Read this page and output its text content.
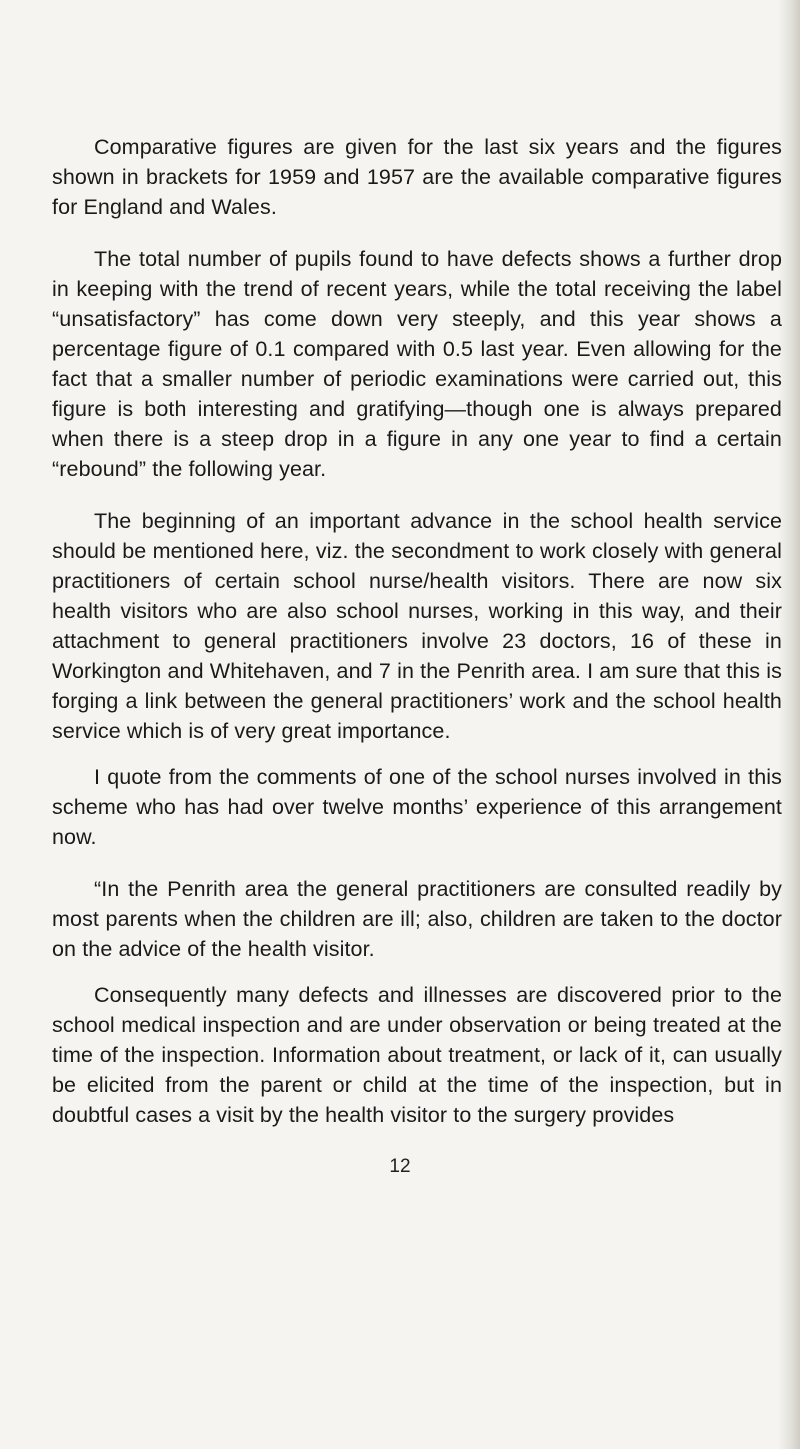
Comparative figures are given for the last six years and the figures shown in brackets for 1959 and 1957 are the available comparative figures for England and Wales.

The total number of pupils found to have defects shows a further drop in keeping with the trend of recent years, while the total receiving the label “unsatisfactory” has come down very steeply, and this year shows a percentage figure of 0.1 compared with 0.5 last year. Even allowing for the fact that a smaller number of periodic examinations were carried out, this figure is both interesting and gratifying—though one is always prepared when there is a steep drop in a figure in any one year to find a certain “rebound” the following year.

The beginning of an important advance in the school health service should be mentioned here, viz. the secondment to work closely with general practitioners of certain school nurse/health visitors. There are now six health visitors who are also school nurses, working in this way, and their attachment to general practitioners involve 23 doctors, 16 of these in Workington and Whitehaven, and 7 in the Penrith area. I am sure that this is forging a link between the general practitioners’ work and the school health service which is of very great importance.

I quote from the comments of one of the school nurses involved in this scheme who has had over twelve months’ experience of this arrangement now.

“In the Penrith area the general practitioners are consulted readily by most parents when the children are ill; also, children are taken to the doctor on the advice of the health visitor.

Consequently many defects and illnesses are discovered prior to the school medical inspection and are under observation or being treated at the time of the inspection. Information about treatment, or lack of it, can usually be elicited from the parent or child at the time of the inspection, but in doubtful cases a visit by the health visitor to the surgery provides

12
